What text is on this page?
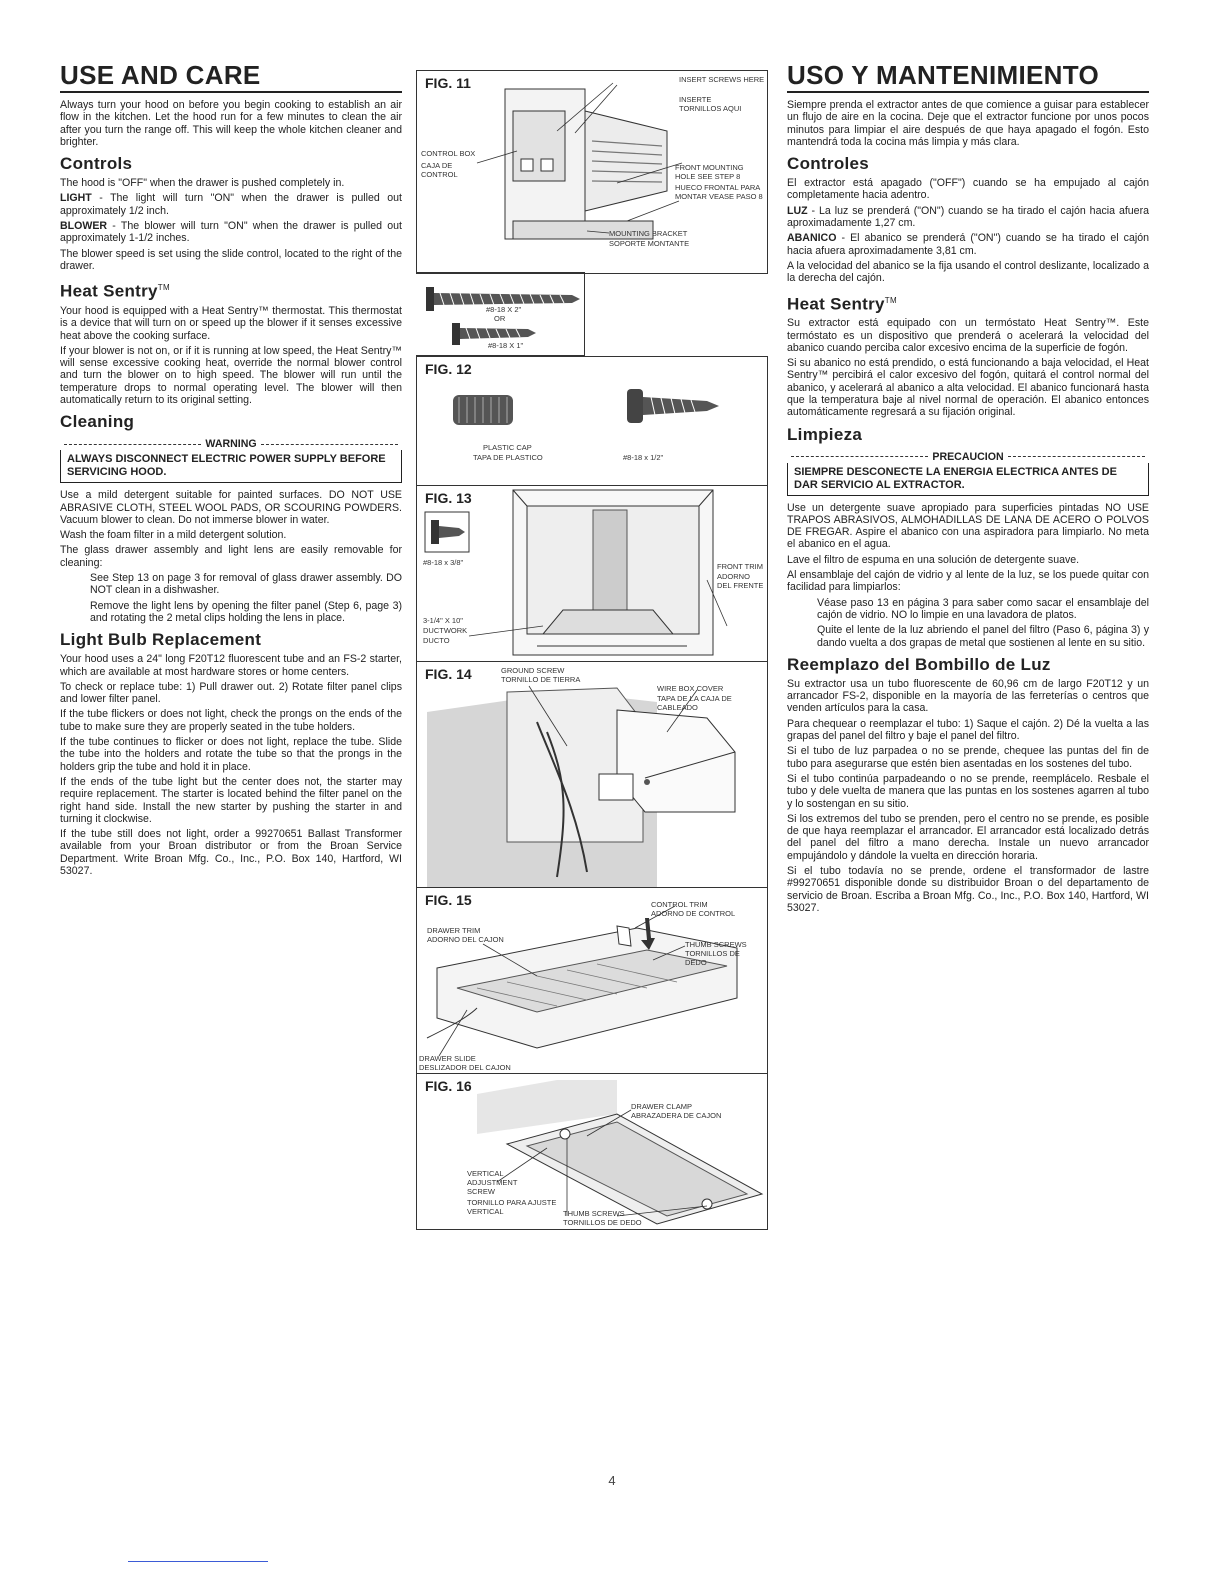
USE AND CARE

Always turn your hood on before you begin cooking to establish an air flow in the kitchen. Let the hood run for a few minutes to clean the air after you turn the range off. This will keep the whole kitchen cleaner and brighter.

Controls

The hood is "OFF" when the drawer is pushed completely in.

LIGHT - The light will turn "ON" when the drawer is pulled out approximately 1/2 inch.

BLOWER - The blower will turn "ON" when the drawer is pulled out approximately 1-1/2 inches.

The blower speed is set using the slide control, located to the right of the drawer.

Heat Sentry™

Your hood is equipped with a Heat Sentry™ thermostat. This thermostat is a device that will turn on or speed up the blower if it senses excessive heat above the cooking surface.

If your blower is not on, or if it is running at low speed, the Heat Sentry™ will sense excessive cooking heat, override the normal blower control and turn the blower on to high speed. The blower will run until the temperature drops to normal operating level. The blower will then automatically return to its original setting.

Cleaning
WARNING
ALWAYS DISCONNECT ELECTRIC POWER SUPPLY BEFORE SERVICING HOOD.

Use a mild detergent suitable for painted surfaces. DO NOT USE ABRASIVE CLOTH, STEEL WOOL PADS, OR SCOURING POWDERS. Vacuum blower to clean. Do not immerse blower in water.

Wash the foam filter in a mild detergent solution.

The glass drawer assembly and light lens are easily removable for cleaning:

See Step 13 on page 3 for removal of glass drawer assembly. DO NOT clean in a dishwasher.

Remove the light lens by opening the filter panel (Step 6, page 3) and rotating the 2 metal clips holding the lens in place.

Light Bulb Replacement

Your hood uses a 24" long F20T12 fluorescent tube and an FS-2 starter, which are available at most hardware stores or home centers.

To check or replace tube: 1) Pull drawer out. 2) Rotate filter panel clips and lower filter panel.

If the tube flickers or does not light, check the prongs on the ends of the tube to make sure they are properly seated in the tube holders.

If the tube continues to flicker or does not light, replace the tube. Slide the tube into the holders and rotate the tube so that the prongs in the holders grip the tube and hold it in place.

If the ends of the tube light but the center does not, the starter may require replacement. The starter is located behind the filter panel on the right hand side. Install the new starter by pushing the starter in and turning it clockwise.

If the tube still does not light, order a 99270651 Ballast Transformer available from your Broan distributor or from the Broan Service Department. Write Broan Mfg. Co., Inc., P.O. Box 140, Hartford, WI 53027.

FIG. 11	INSERT SCREWS HERE
INSERTE TORNILLOS AQUI
CONTROL BOX
CAJA DE CONTROL
FRONT MOUNTING HOLE SEE STEP 8
HUECO FRONTAL PARA MONTAR VEASE PASO 8
MOUNTING BRACKET
SOPORTE MONTANTE
#8-18 X 2"
OR
#8-18 X 1"
FIG. 12
PLASTIC CAP
TAPA DE PLASTICO	#8-18 x 1/2"
FIG. 13
#8-18 x 3/8"
3-1/4" X 10"
DUCTWORK
DUCTO
FRONT TRIM
ADORNO DEL FRENTE
FIG. 14	GROUND SCREW
TORNILLO DE TIERRA
WIRE BOX COVER
TAPA DE LA CAJA DE CABLEADO
FIG. 15	CONTROL TRIM
ADORNO DE CONTROL
DRAWER TRIM
ADORNO DEL CAJON
THUMB SCREWS
TORNILLOS DE DEDO
DRAWER SLIDE
DESLIZADOR DEL CAJON
FIG. 16
DRAWER CLAMP
ABRAZADERA DE CAJON
VERTICAL ADJUSTMENT SCREW
TORNILLO PARA AJUSTE VERTICAL	THUMB SCREWS
TORNILLOS DE DEDO
USO Y MANTENIMIENTO

Siempre prenda el extractor antes de que comience a guisar para establecer un flujo de aire en la cocina. Deje que el extractor funcione por unos pocos minutos para limpiar el aire después de que haya apagado el fogón. Esto mantendrá toda la cocina más limpia y más clara.

Controles

El extractor está apagado ("OFF") cuando se ha empujado al cajón completamente hacia adentro.

LUZ - La luz se prenderá ("ON") cuando se ha tirado el cajón hacia afuera aproximadamente 1,27 cm.

ABANICO - El abanico se prenderá ("ON") cuando se ha tirado el cajón hacia afuera aproximadamente 3,81 cm.

A la velocidad del abanico se la fija usando el control deslizante, localizado a la derecha del cajón.

Heat Sentry™

Su extractor está equipado con un termóstato Heat Sentry™. Este termóstato es un dispositivo que prenderá o acelerará la velocidad del abanico cuando perciba calor excesivo encima de la superficie de fogón.

Si su abanico no está prendido, o está funcionando a baja velocidad, el Heat Sentry™ percibirá el calor excesivo del fogón, quitará el control normal del abanico, y acelerará al abanico a alta velocidad. El abanico funcionará hasta que la temperatura baje al nivel normal de operación. El abanico entonces automáticamente regresará a su fijación original.

Limpieza
PRECAUCION
SIEMPRE DESCONECTE LA ENERGIA ELECTRICA ANTES DE DAR SERVICIO AL EXTRACTOR.

Use un detergente suave apropiado para superficies pintadas NO USE TRAPOS ABRASIVOS, ALMOHADILLAS DE LANA DE ACERO O POLVOS DE FREGAR. Aspire el abanico con una aspiradora para limpiarlo. No meta el abanico en el agua.

Lave el filtro de espuma en una solución de detergente suave.

Al ensamblaje del cajón de vidrio y al lente de la luz, se los puede quitar con facilidad para limpiarlos:

Véase paso 13 en página 3 para saber como sacar el ensamblaje del cajón de vidrio. NO lo limpie en una lavadora de platos.

Quite el lente de la luz abriendo el panel del filtro (Paso 6, página 3) y dando vuelta a dos grapas de metal que sostienen al lente en su sitio.

Reemplazo del Bombillo de Luz

Su extractor usa un tubo fluorescente de 60,96 cm de largo F20T12 y un arrancador FS-2, disponible en la mayoría de las ferreterías o centros que venden artículos para la casa.

Para chequear o reemplazar el tubo: 1) Saque el cajón. 2) Dé la vuelta a las grapas del panel del filtro y baje el panel del filtro.

Si el tubo de luz parpadea o no se prende, chequee las puntas del fin de tubo para asegurarse que estén bien asentadas en los sostenes del tubo.

Si el tubo continúa parpadeando o no se prende, reemplácelo. Resbale el tubo y dele vuelta de manera que las puntas en los sostenes agarren al tubo y lo sostengan en su sitio.

Si los extremos del tubo se prenden, pero el centro no se prende, es posible de que haya reemplazar el arrancador. El arrancador está localizado detrás del panel del filtro a mano derecha. Instale un nuevo arrancador empujándolo y dándole la vuelta en dirección horaria.

Si el tubo todavía no se prende, ordene el transformador de lastre #99270651 disponible donde su distribuidor Broan o del departamento de servicio de Broan. Escriba a Broan Mfg. Co., Inc., P.O. Box 140, Hartford, WI 53027.

4
